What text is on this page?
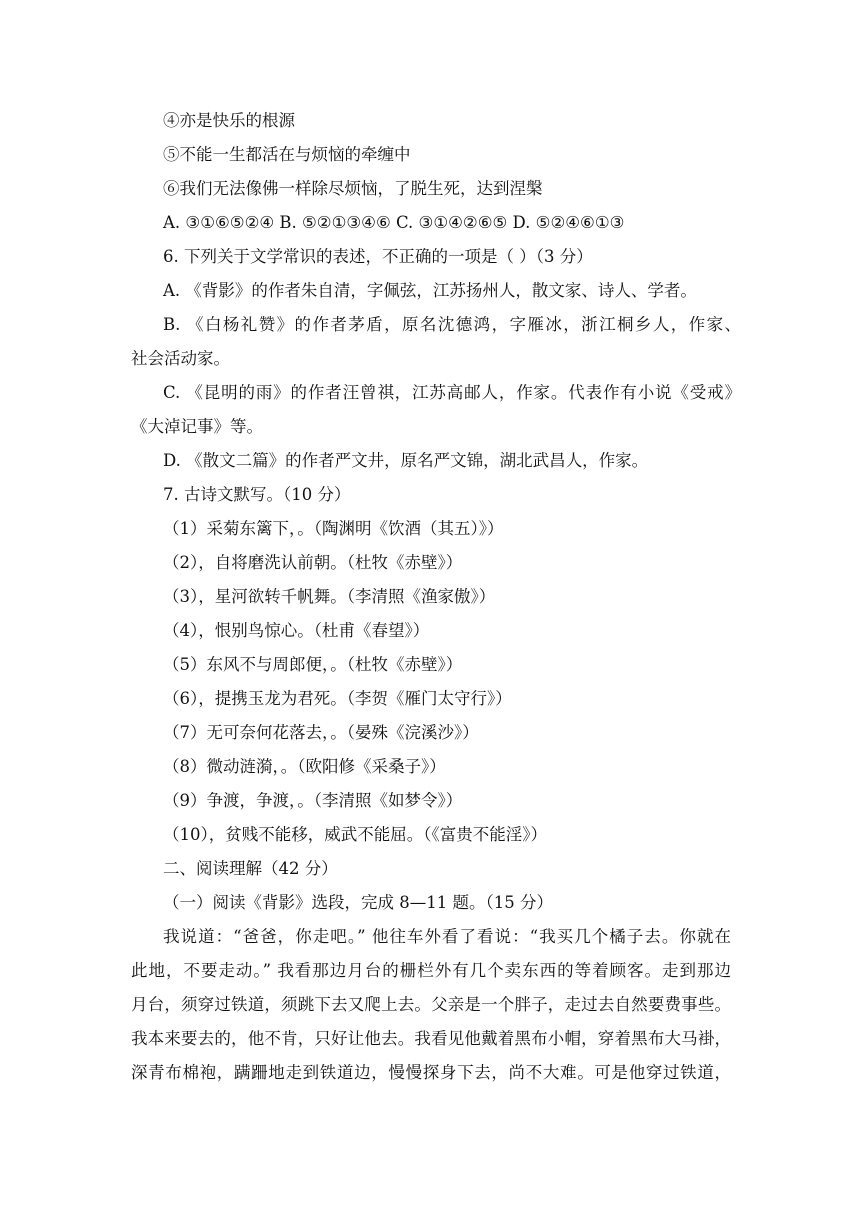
④亦是快乐的根源
⑤不能一生都活在与烦恼的牵缠中
⑥我们无法像佛一样除尽烦恼，了脱生死，达到涅槃
A. ③①⑥⑤②④ B. ⑤②①③④⑥ C. ③①④②⑥⑤ D. ⑤②④⑥①③
6. 下列关于文学常识的表述，不正确的一项是（ ）（3 分）
A. 《背影》的作者朱自清，字佩弦，江苏扬州人，散文家、诗人、学者。
B. 《白杨礼赞》的作者茅盾，原名沈德鸿，字雁冰，浙江桐乡人，作家、
社会活动家。
C. 《昆明的雨》的作者汪曾祺，江苏高邮人，作家。代表作有小说《受戒》
《大淖记事》等。
D. 《散文二篇》的作者严文井，原名严文锦，湖北武昌人，作家。
7. 古诗文默写。（10 分）
（1）采菊东篱下，。（陶渊明《饮酒（其五）》）
（2），自将磨洗认前朝。（杜牧《赤壁》）
（3），星河欲转千帆舞。（李清照《渔家傲》）
（4），恨别鸟惊心。（杜甫《春望》）
（5）东风不与周郎便，。（杜牧《赤壁》）
（6），提携玉龙为君死。（李贺《雁门太守行》）
（7）无可奈何花落去，。（晏殊《浣溪沙》）
（8）微动涟漪，。（欧阳修《采桑子》）
（9）争渡，争渡，。（李清照《如梦令》）
（10），贫贱不能移，威武不能屈。（《富贵不能淫》）
二、阅读理解（42 分）
（一）阅读《背影》选段，完成 8—11 题。（15 分）
我说道：“爸爸，你走吧。” 他往车外看了看说：“我买几个橘子去。你就在
此地，不要走动。” 我看那边月台的栅栏外有几个卖东西的等着顾客。走到那边
月台，须穿过铁道，须跳下去又爬上去。父亲是一个胖子，走过去自然要费事些。
我本来要去的，他不肯，只好让他去。我看见他戴着黑布小帽，穿着黑布大马褂，
深青布棉袍，蹒跚地走到铁道边，慢慢探身下去，尚不大难。可是他穿过铁道，
